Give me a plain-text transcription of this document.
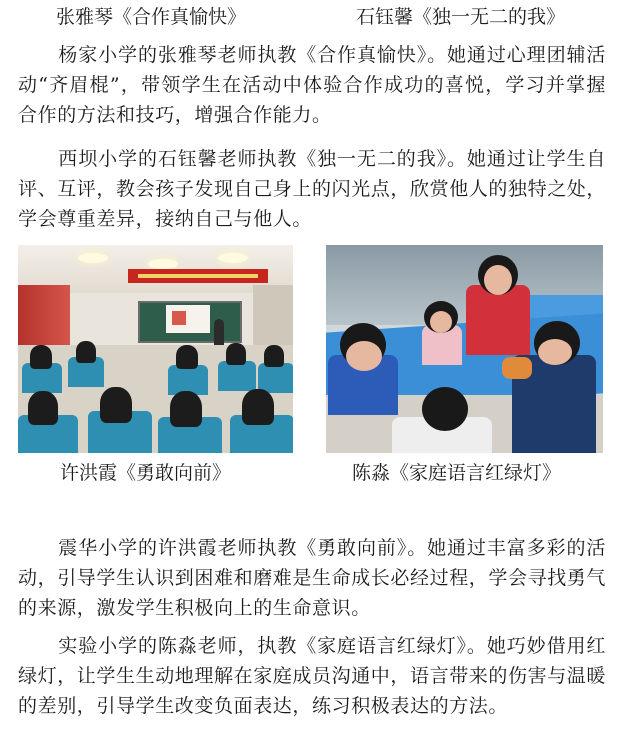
张雅琴《合作真愉快》	石钰馨《独一无二的我》

杨家小学的张雅琴老师执教《合作真愉快》。她通过心理团辅活动“齐眉棍”，带领学生在活动中体验合作成功的喜悦，学习并掌握合作的方法和技巧，增强合作能力。

西坝小学的石钰馨老师执教《独一无二的我》。她通过让学生自评、互评，教会孩子发现自己身上的闪光点，欣赏他人的独特之处，学会尊重差异，接纳自己与他人。

许洪霞《勇敢向前》	陈淼《家庭语言红绿灯》

震华小学的许洪霞老师执教《勇敢向前》。她通过丰富多彩的活动，引导学生认识到困难和磨难是生命成长必经过程，学会寻找勇气的来源，激发学生积极向上的生命意识。

实验小学的陈淼老师，执教《家庭语言红绿灯》。她巧妙借用红绿灯，让学生生动地理解在家庭成员沟通中，语言带来的伤害与温暖的差别，引导学生改变负面表达，练习积极表达的方法。
